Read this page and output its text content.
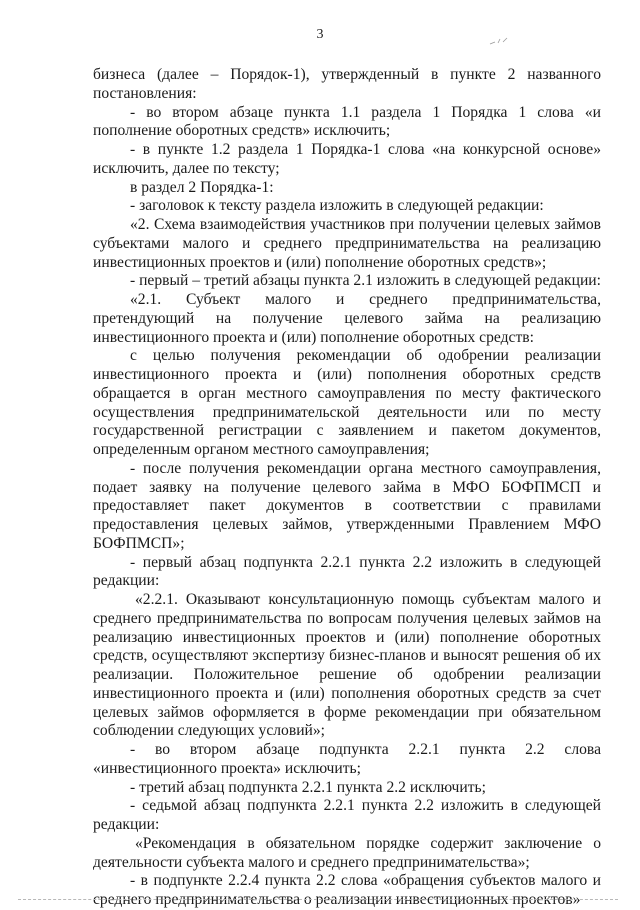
3

бизнеса (далее – Порядок-1), утвержденный в пункте 2 названного постановления:

- во втором абзаце пункта 1.1 раздела 1 Порядка 1 слова «и пополнение оборотных средств» исключить;

- в пункте 1.2 раздела 1 Порядка-1 слова «на конкурсной основе» исключить, далее по тексту;

в раздел 2 Порядка-1:

- заголовок к тексту раздела изложить в следующей редакции:

«2. Схема взаимодействия участников при получении целевых займов субъектами малого и среднего предпринимательства на реализацию инвестиционных проектов и (или) пополнение оборотных средств»;

- первый – третий абзацы пункта 2.1 изложить в следующей редакции:

«2.1. Субъект малого и среднего предпринимательства, претендующий на получение целевого займа на реализацию инвестиционного проекта и (или) пополнение оборотных средств:

с целью получения рекомендации об одобрении реализации инвестиционного проекта и (или) пополнения оборотных средств обращается в орган местного самоуправления по месту фактического осуществления предпринимательской деятельности или по месту государственной регистрации с заявлением и пакетом документов, определенным органом местного самоуправления;

- после получения рекомендации органа местного самоуправления, подает заявку на получение целевого займа в МФО БОФПМСП и предоставляет пакет документов в соответствии с правилами предоставления целевых займов, утвержденными Правлением МФО БОФПМСП»;

- первый абзац подпункта 2.2.1 пункта 2.2 изложить в следующей редакции:

«2.2.1. Оказывают консультационную помощь субъектам малого и среднего предпринимательства по вопросам получения целевых займов на реализацию инвестиционных проектов и (или) пополнение оборотных средств, осуществляют экспертизу бизнес-планов и выносят решения об их реализации. Положительное решение об одобрении реализации инвестиционного проекта и (или) пополнения оборотных средств за счет целевых займов оформляется в форме рекомендации при обязательном соблюдении следующих условий»;

- во втором абзаце подпункта 2.2.1 пункта 2.2 слова «инвестиционного проекта» исключить;

- третий абзац подпункта 2.2.1 пункта 2.2 исключить;

- седьмой абзац подпункта 2.2.1 пункта 2.2 изложить в следующей редакции:

«Рекомендация в обязательном порядке содержит заключение о деятельности субъекта малого и среднего предпринимательства»;

- в подпункте 2.2.4 пункта 2.2 слова «обращения субъектов малого и среднего предпринимательства о реализации инвестиционных проектов»
